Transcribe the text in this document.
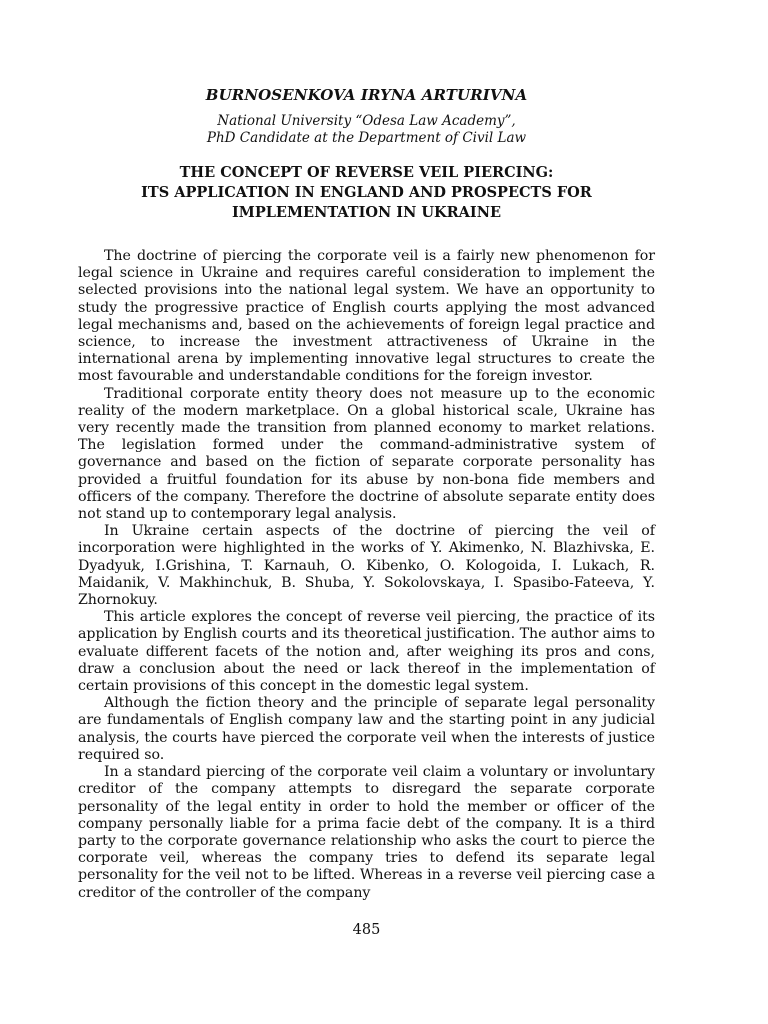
BURNOSENKOVA IRYNA ARTURIVNA
National University “Odesa Law Academy”,
PhD Candidate at the Department of Civil Law
THE CONCEPT OF REVERSE VEIL PIERCING:
ITS APPLICATION IN ENGLAND AND PROSPECTS FOR
IMPLEMENTATION IN UKRAINE

The doctrine of piercing the corporate veil is a fairly new phenomenon for legal science in Ukraine and requires careful consideration to implement the selected provisions into the national legal system. We have an opportunity to study the progressive practice of English courts applying the most advanced legal mechanisms and, based on the achievements of foreign legal practice and science, to increase the investment attractiveness of Ukraine in the international arena by implementing innovative legal structures to create the most favourable and understandable conditions for the foreign investor.

Traditional corporate entity theory does not measure up to the economic reality of the modern marketplace. On a global historical scale, Ukraine has very recently made the transition from planned economy to market relations. The legislation formed under the command-administrative system of governance and based on the fiction of separate corporate personality has provided a fruitful foundation for its abuse by non-bona fide members and officers of the company. Therefore the doctrine of absolute separate entity does not stand up to contemporary legal analysis.

In Ukraine certain aspects of the doctrine of piercing the veil of incorporation were highlighted in the works of Y. Akimenko, N. Blazhivska, E. Dyadyuk, I.Grishina, T. Karnauh, O. Kibenko, O. Kologoida, I. Lukach, R. Maidanik, V. Makhinchuk, B. Shuba, Y. Sokolovskaya, I. Spasibo-Fateeva, Y. Zhornokuy.

This article explores the concept of reverse veil piercing, the practice of its application by English courts and its theoretical justification. The author aims to evaluate different facets of the notion and, after weighing its pros and cons, draw a conclusion about the need or lack thereof in the implementation of certain provisions of this concept in the domestic legal system.

Although the fiction theory and the principle of separate legal personality are fundamentals of English company law and the starting point in any judicial analysis, the courts have pierced the corporate veil when the interests of justice required so.

In a standard piercing of the corporate veil claim a voluntary or involuntary creditor of the company attempts to disregard the separate corporate personality of the legal entity in order to hold the member or officer of the company personally liable for a prima facie debt of the company. It is a third party to the corporate governance relationship who asks the court to pierce the corporate veil, whereas the company tries to defend its separate legal personality for the veil not to be lifted. Whereas in a reverse veil piercing case a creditor of the controller of the company

485
